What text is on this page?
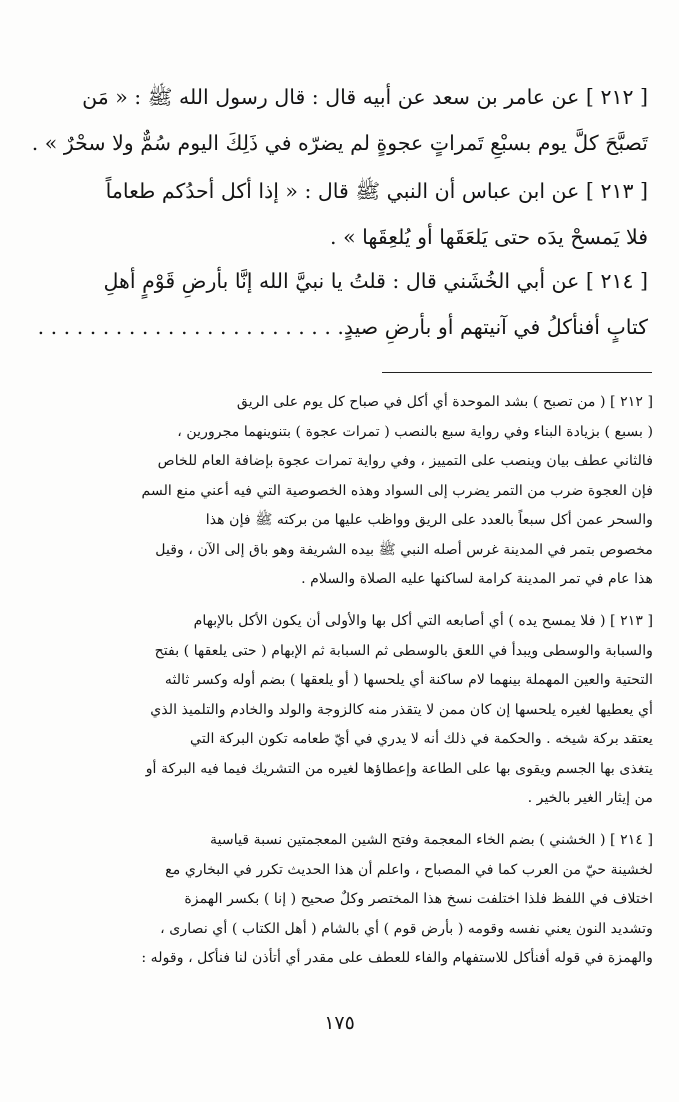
[ ٢١٢ ] عن عامر بن سعد عن أبيه قال : قال رسول الله ﷺ : « مَن
تَصبَّحَ كلَّ يوم بسبْعِ تَمراتٍ عجوةٍ لم يضرّه في ذَلِكَ اليوم سُمٌّ ولا سحْرٌ » .
[ ٢١٣ ] عن ابن عباس أن النبي ﷺ قال : « إذا أكل أحدُكم طعاماً
فلا يَمسحْ يدَه حتى يَلعَقَها أو يُلعِقَها » .
[ ٢١٤ ] عن أبي الخُشَني قال : قلتُ يا نبيَّ الله إنَّا بأرضِ قَوْمٍ أهلِ
كتابٍ أفنأكلُ في آنيتهم أو بأرضِ صيدٍ. . . . . . . . . . . . . . . . . . . . . . . .
[ ٢١٢ ] ( من تصبح ) بشد الموحدة أي أكل في صباح كل يوم على الريق
( بسبع ) بزيادة البناء وفي رواية سبع بالنصب ( تمرات عجوة ) بتنوينهما مجرورين ،
فالثاني عطف بيان وينصب على التمييز ، وفي رواية تمرات عجوة بإضافة العام للخاص
فإن العجوة ضرب من التمر يضرب إلى السواد وهذه الخصوصية التي فيه أعني منع السم
والسحر عمن أكل سبعاً بالعدد على الريق وواظب عليها من بركته ﷺ فإن هذا
مخصوص بتمر في المدينة غرس أصله النبي ﷺ بيده الشريفة وهو باق إلى الآن ، وقيل
هذا عام في تمر المدينة كرامة لساكنها عليه الصلاة والسلام .
[ ٢١٣ ] ( فلا يمسح يده ) أي أصابعه التي أكل بها والأولى أن يكون الأكل بالإبهام
والسبابة والوسطى ويبدأ في اللعق بالوسطى ثم السبابة ثم الإبهام ( حتى يلعقها ) بفتح
التحتية والعين المهملة بينهما لام ساكنة أي يلحسها ( أو يلعقها ) بضم أوله وكسر ثالثه
أي يعطيها لغيره يلحسها إن كان ممن لا يتقذر منه كالزوجة والولد والخادم والتلميذ الذي
يعتقد بركة شيخه . والحكمة في ذلك أنه لا يدري في أيّ طعامه تكون البركة التي
يتغذى بها الجسم ويقوى بها على الطاعة وإعطاؤها لغيره من التشريك فيما فيه البركة أو
من إيثار الغير بالخير .
[ ٢١٤ ] ( الخشني ) بضم الخاء المعجمة وفتح الشين المعجمتين نسبة قياسية
لخشينة حيّ من العرب كما في المصباح ، واعلم أن هذا الحديث تكرر في البخاري مع
اختلاف في اللفظ فلذا اختلفت نسخ هذا المختصر وكلٌ صحيح ( إنا ) بكسر الهمزة
وتشديد النون يعني نفسه وقومه ( بأرض قوم ) أي بالشام ( أهل الكتاب ) أي نصارى ،
والهمزة في قوله أفنأكل للاستفهام والفاء للعطف على مقدر أي أتأذن لنا فنأكل ، وقوله :
١٧٥
